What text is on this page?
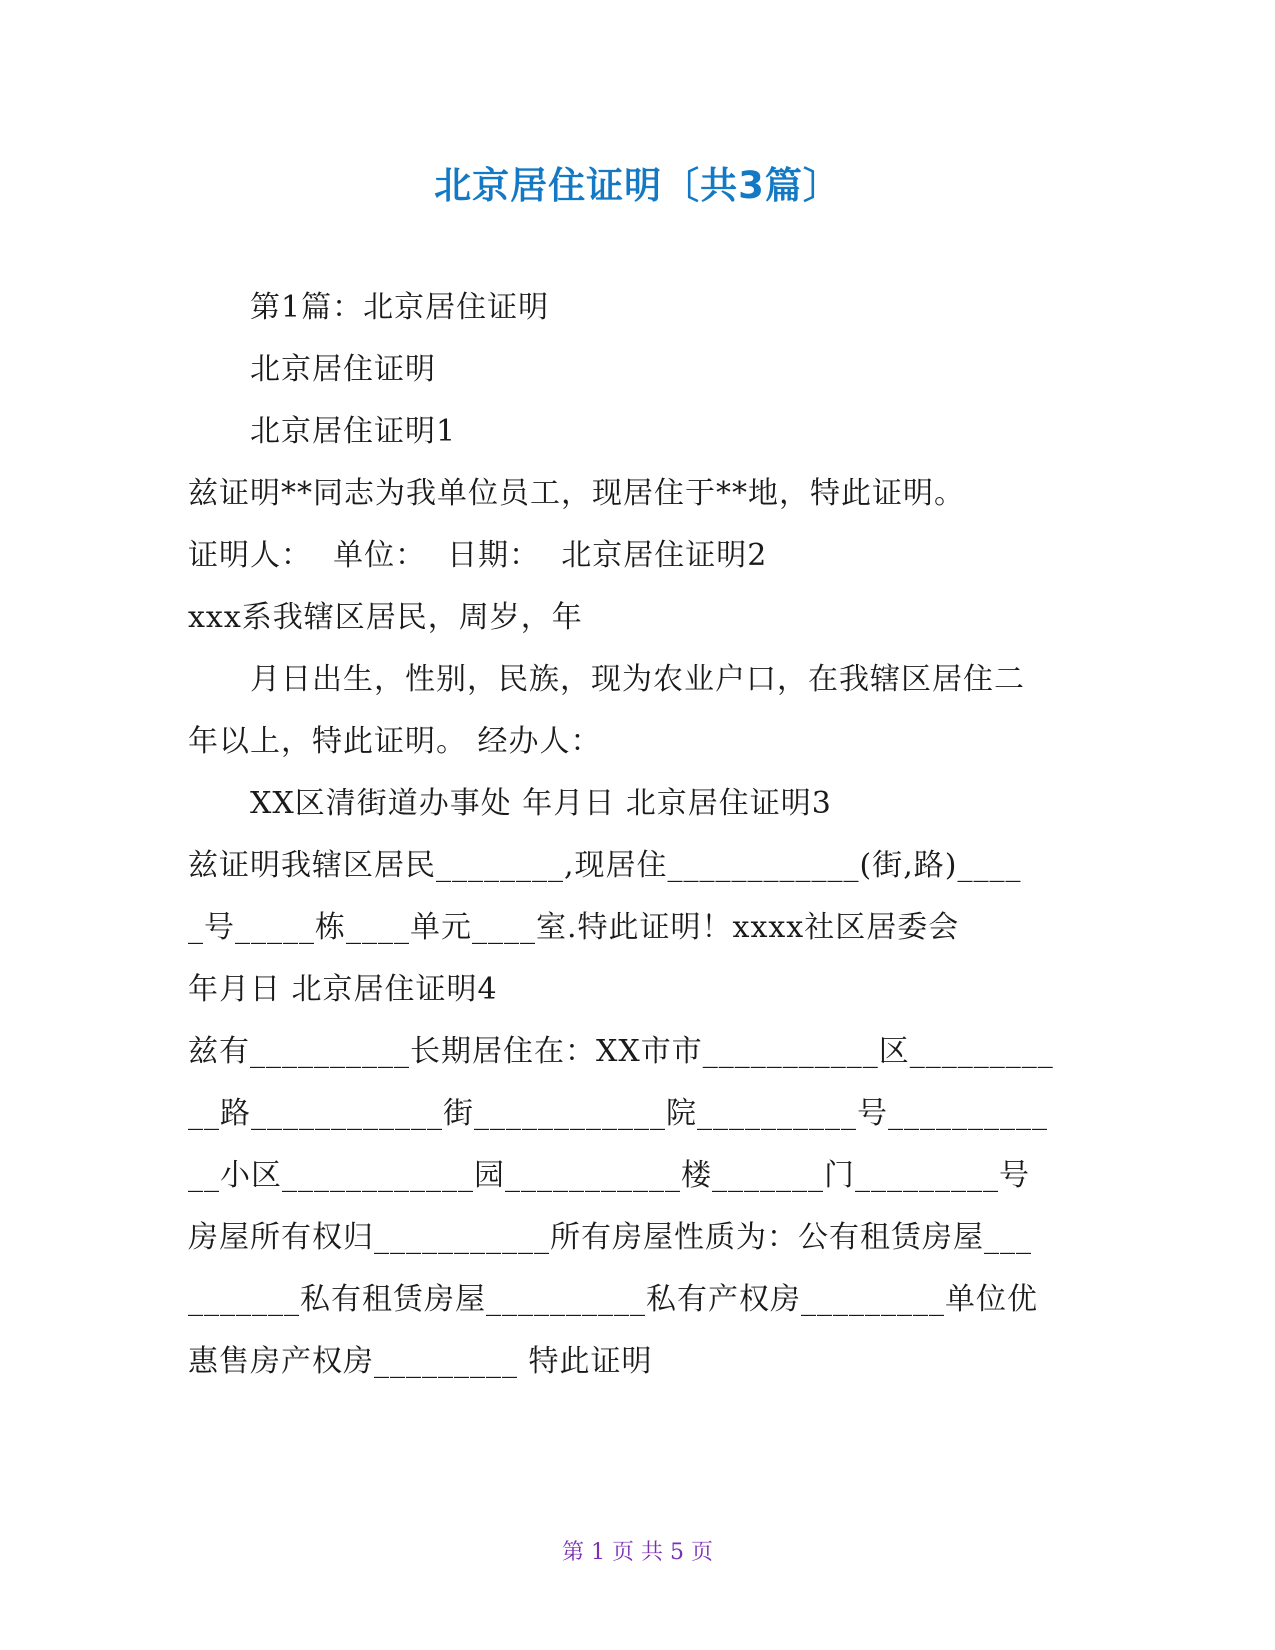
北京居住证明〔共3篇〕
第1篇：北京居住证明
北京居住证明
北京居住证明1
兹证明**同志为我单位员工，现居住于**地，特此证明。
证明人：  单位：  日期：  北京居住证明2
xxx系我辖区居民，周岁，年
月日出生，性别，民族，现为农业户口，在我辖区居住二
年以上，特此证明。 经办人：
XX区清街道办事处 年月日 北京居住证明3
兹证明我辖区居民________,现居住____________(街,路)____
_号_____栋____单元____室.特此证明！xxxx社区居委会
年月日 北京居住证明4
兹有__________长期居住在：XX市市___________区_________
__路____________街____________院__________号__________
__小区____________园___________楼_______门_________号
房屋所有权归___________所有房屋性质为：公有租赁房屋___
_______私有租赁房屋__________私有产权房_________单位优
惠售房产权房_________ 特此证明
第 1 页 共 5 页
